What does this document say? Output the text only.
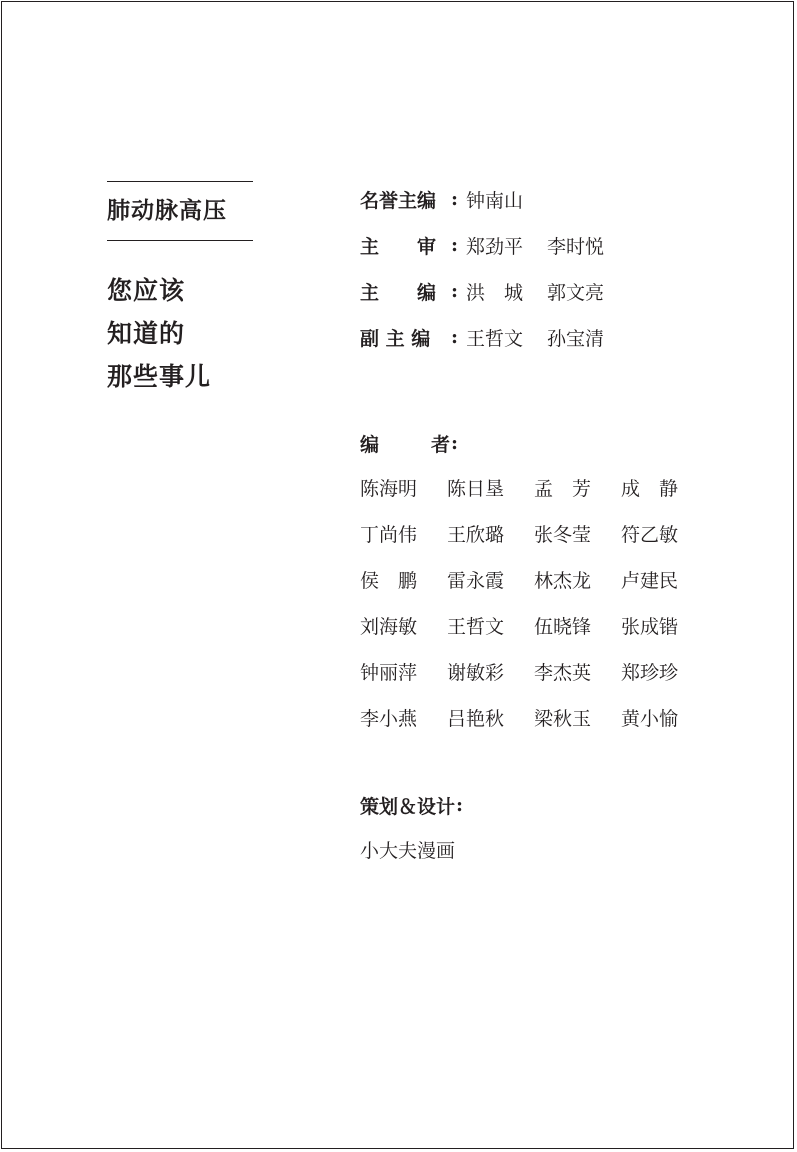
肺动脉高压
您应该
知道的
那些事儿
名誉主编 : 钟南山
主　　审 : 郑劲平 李时悦
主　　编 : 洪　城 郭文亮
副 主 编 : 王哲文 孙宝清
编　　者 :
陈海明	陈日垦	孟　芳	成　静
丁尚伟	王欣璐	张冬莹	符乙敏
侯　鹏	雷永霞	林杰龙	卢建民
刘海敏	王哲文	伍晓锋	张成锴
钟丽萍	谢敏彩	李杰英	郑珍珍
李小燕	吕艳秋	梁秋玉	黄小愉
策划＆设计 :
小大夫漫画
